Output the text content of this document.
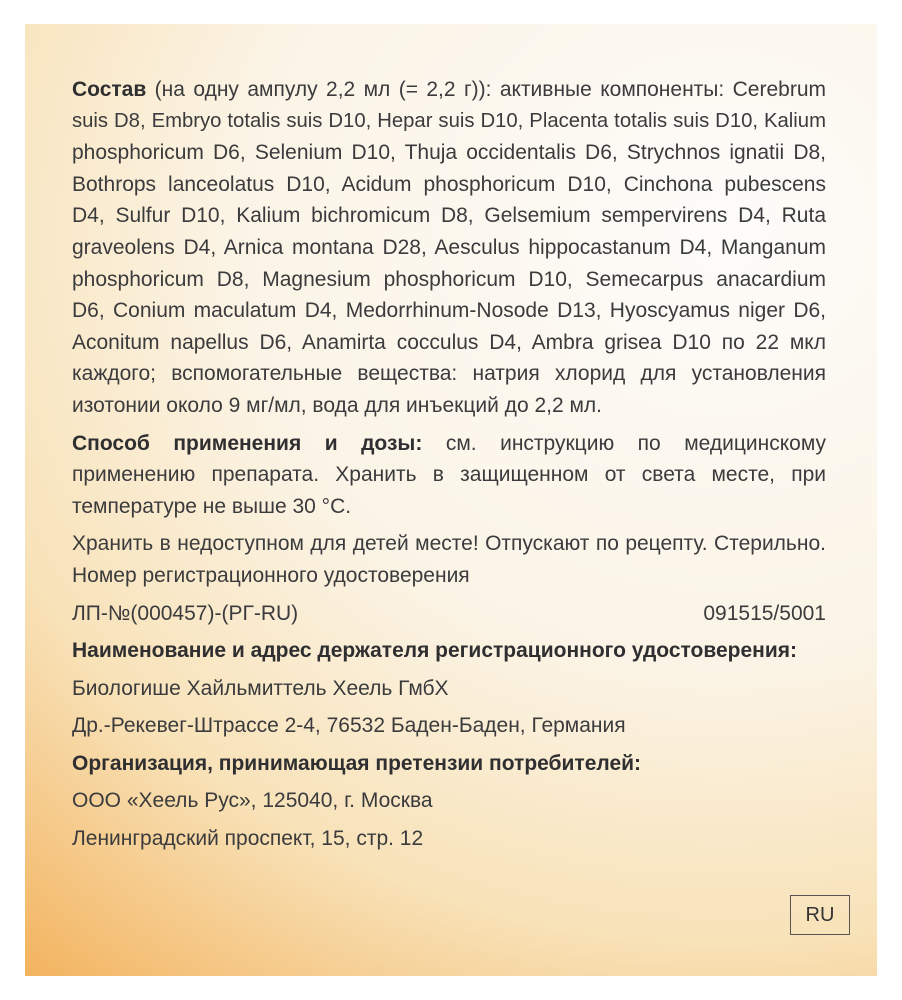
Состав (на одну ампулу 2,2 мл (= 2,2 г)): активные компоненты: Cerebrum
suis D8, Embryo totalis suis D10, Hepar suis D10, Placenta totalis suis D10, Kalium
phosphoricum D6, Selenium D10, Thuja occidentalis D6, Strychnos ignatii D8,
Bothrops lanceolatus D10, Acidum phosphoricum D10, Cinchona pubescens
D4, Sulfur D10, Kalium bichromicum D8, Gelsemium sempervirens D4, Ruta
graveolens D4, Arnica montana D28, Aesculus hippocastanum D4, Manganum
phosphoricum D8, Magnesium phosphoricum D10, Semecarpus anacardium
D6, Conium maculatum D4, Medorrhinum-Nosode D13, Hyoscyamus niger D6,
Aconitum napellus D6, Anamirta cocculus D4, Ambra grisea D10 по 22 мкл
каждого; вспомогательные вещества: натрия хлорид для установления
изотонии около 9 мг/мл, вода для инъекций до 2,2 мл.
Способ применения и дозы: см. инструкцию по медицинскому
применению препарата. Хранить в защищенном от света месте, при
температуре не выше 30 °С.
Хранить в недоступном для детей месте! Отпускают по рецепту. Стерильно.
Номер регистрационного удостоверения
ЛП-№(000457)-(РГ-RU)	091515/5001
Наименование и адрес держателя регистрационного удостоверения:
Биологише Хайльмиттель Хеель ГмбХ
Др.-Рекевег-Штрассе 2-4, 76532 Баден-Баден, Германия
Организация, принимающая претензии потребителей:
ООО «Хеель Рус», 125040, г. Москва
Ленинградский проспект, 15, стр. 12
RU
